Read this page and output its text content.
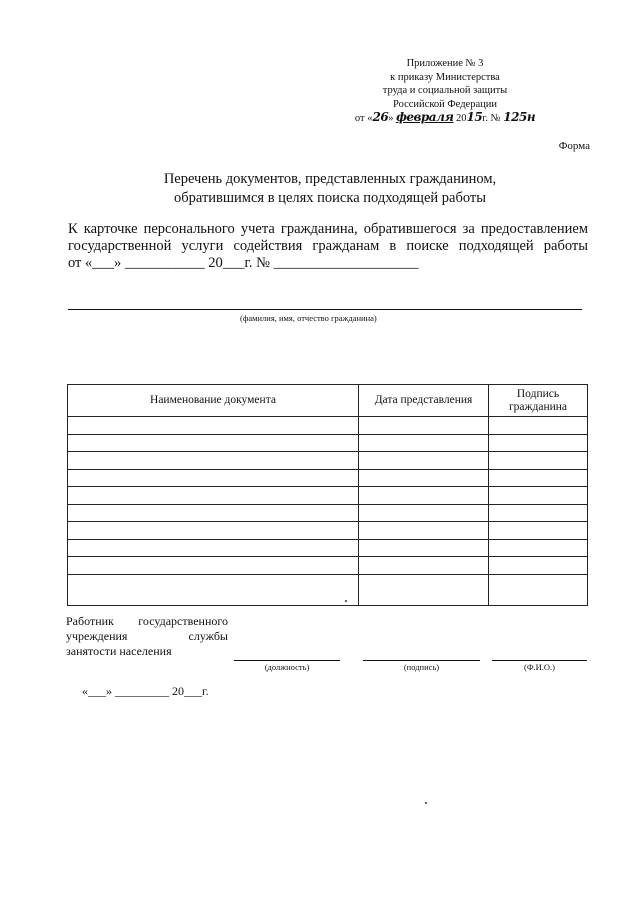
Приложение № 3
к приказу Министерства
труда и социальной защиты
Российской Федерации
от «26» февраля 2015г. № 125н
Форма
Перечень документов, представленных гражданином,
обратившимся в целях поиска подходящей работы
К карточке персонального учета гражданина, обратившегося за предоставлением
государственной услуги содействия гражданам в поиске подходящей работы
от «___» ___________ 20___г. № ____________________
(фамилия, имя, отчество гражданина)
Наименование документа	Дата представления	Подпись гражданина

Работник государственного
учреждения службы
занятости населения
(должность)	(подпись)	(Ф.И.О.)
«___» _________ 20___г.
